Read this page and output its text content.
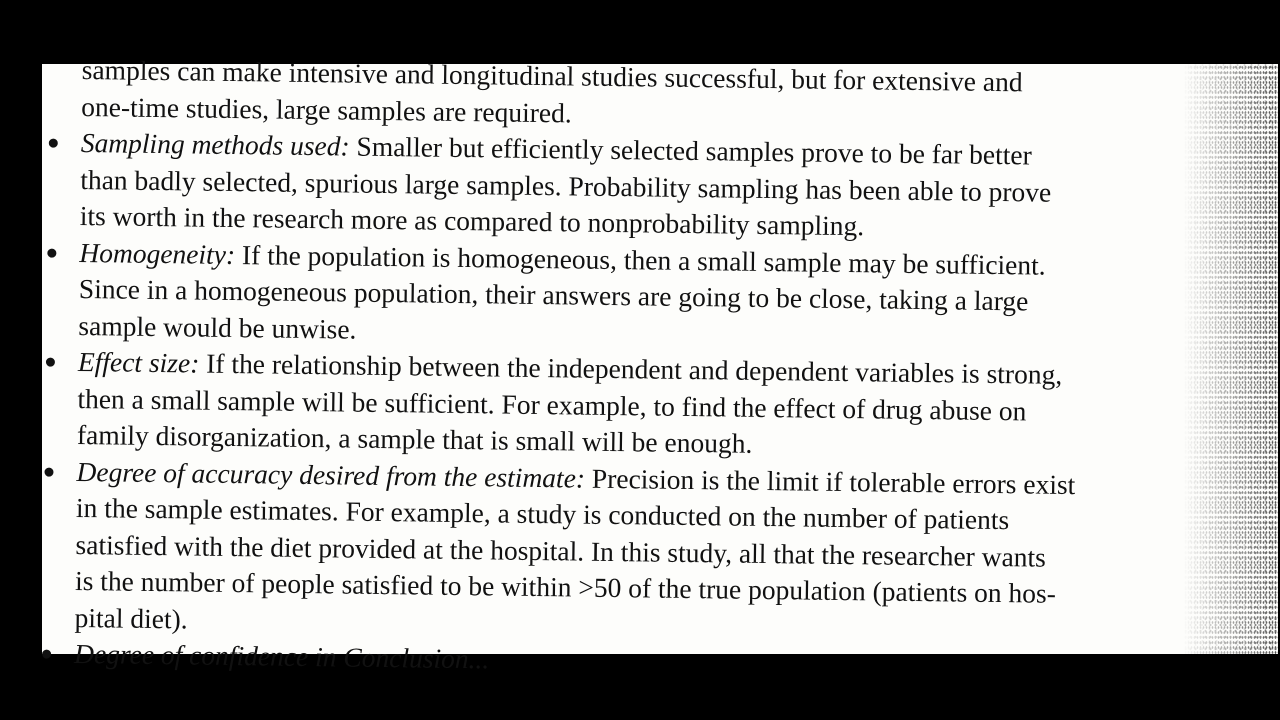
samples can make intensive and longitudinal studies successful, but for extensive and
one-time studies, large samples are required.
Sampling methods used: Smaller but efficiently selected samples prove to be far better
than badly selected, spurious large samples. Probability sampling has been able to prove
its worth in the research more as compared to nonprobability sampling.
Homogeneity: If the population is homogeneous, then a small sample may be sufficient.
Since in a homogeneous population, their answers are going to be close, taking a large
sample would be unwise.
Effect size: If the relationship between the independent and dependent variables is strong,
then a small sample will be sufficient. For example, to find the effect of drug abuse on
family disorganization, a sample that is small will be enough.
Degree of accuracy desired from the estimate: Precision is the limit if tolerable errors exist
in the sample estimates. For example, a study is conducted on the number of patients
satisfied with the diet provided at the hospital. In this study, all that the researcher wants
is the number of people satisfied to be within >50 of the true population (patients on hos-
pital diet).
Degree of confidence in Conclusion...
